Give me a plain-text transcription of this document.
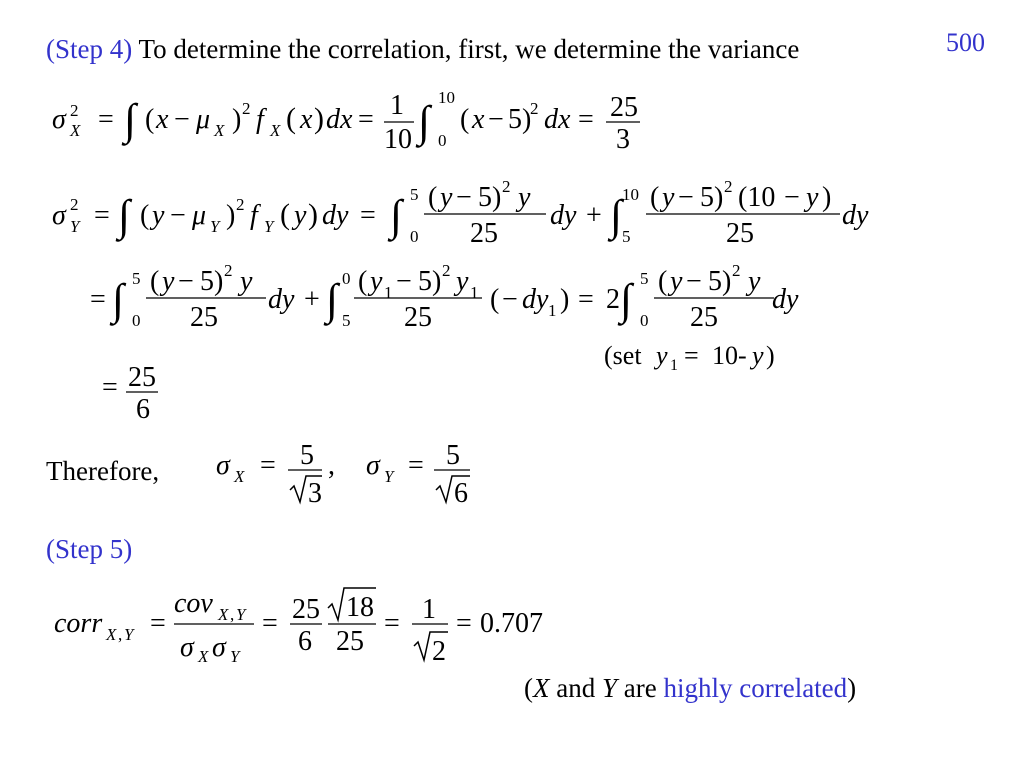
500
(Step 4) To determine the correlation, first, we determine the variance
σ 2
X = ∫ ( x − μ X ) 2 f X ( x ) dx = 1
10 ∫ 10
0
( x − 5)
2 dx = 25
3
σ 2
Y = ∫ ( y − μ Y ) 2 f Y ( y ) dy = ∫ 5
0
( y − 5) 2 y
25
dy + ∫ 10
5
( y − 5) 2 (10 − y )
25
dy
= ∫ 5
0
( y − 5) 2 y
25
dy + ∫ 0
5
( y 1 − 5) 2 y 1
25
( − dy 1 ) = 2 ∫ 5
0
( y − 5) 2 y
25
dy
(set y 1 = 10- y )
= 25
6
Therefore, σ X = 5
3
, σ Y = 5
6
(Step 5)
corr X , Y =
cov X , Y
σ X σ Y
= 25
6
18
25
= 1
2
= 0.707
(X and Y are highly correlated)
